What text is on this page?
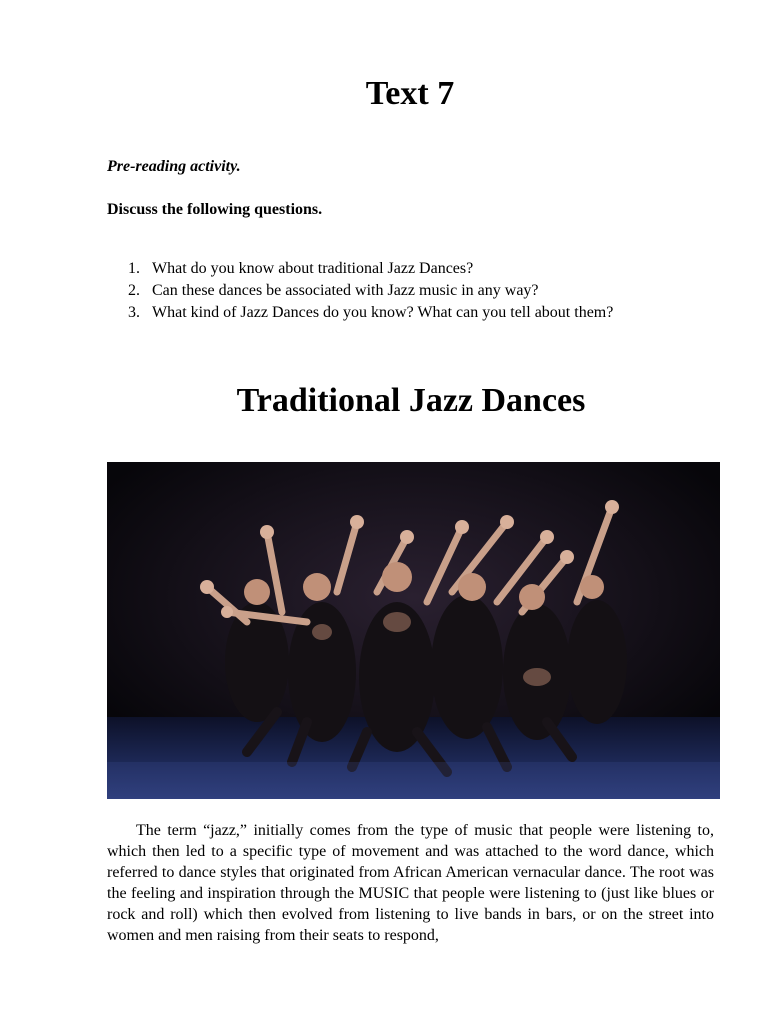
Text 7
Pre-reading activity.
Discuss the following questions.
1. What do you know about traditional Jazz Dances?
2. Can these dances be associated with Jazz music in any way?
3. What kind of Jazz Dances do you know? What can you tell about them?
Traditional Jazz Dances

The term “jazz,” initially comes from the type of music that people were listening to, which then led to a specific type of movement and was attached to the word dance, which referred to dance styles that originated from African American vernacular dance. The root was the feeling and inspiration through the MUSIC that people were listening to (just like blues or rock and roll) which then evolved from listening to live bands in bars, or on the street into women and men raising from their seats to respond,
